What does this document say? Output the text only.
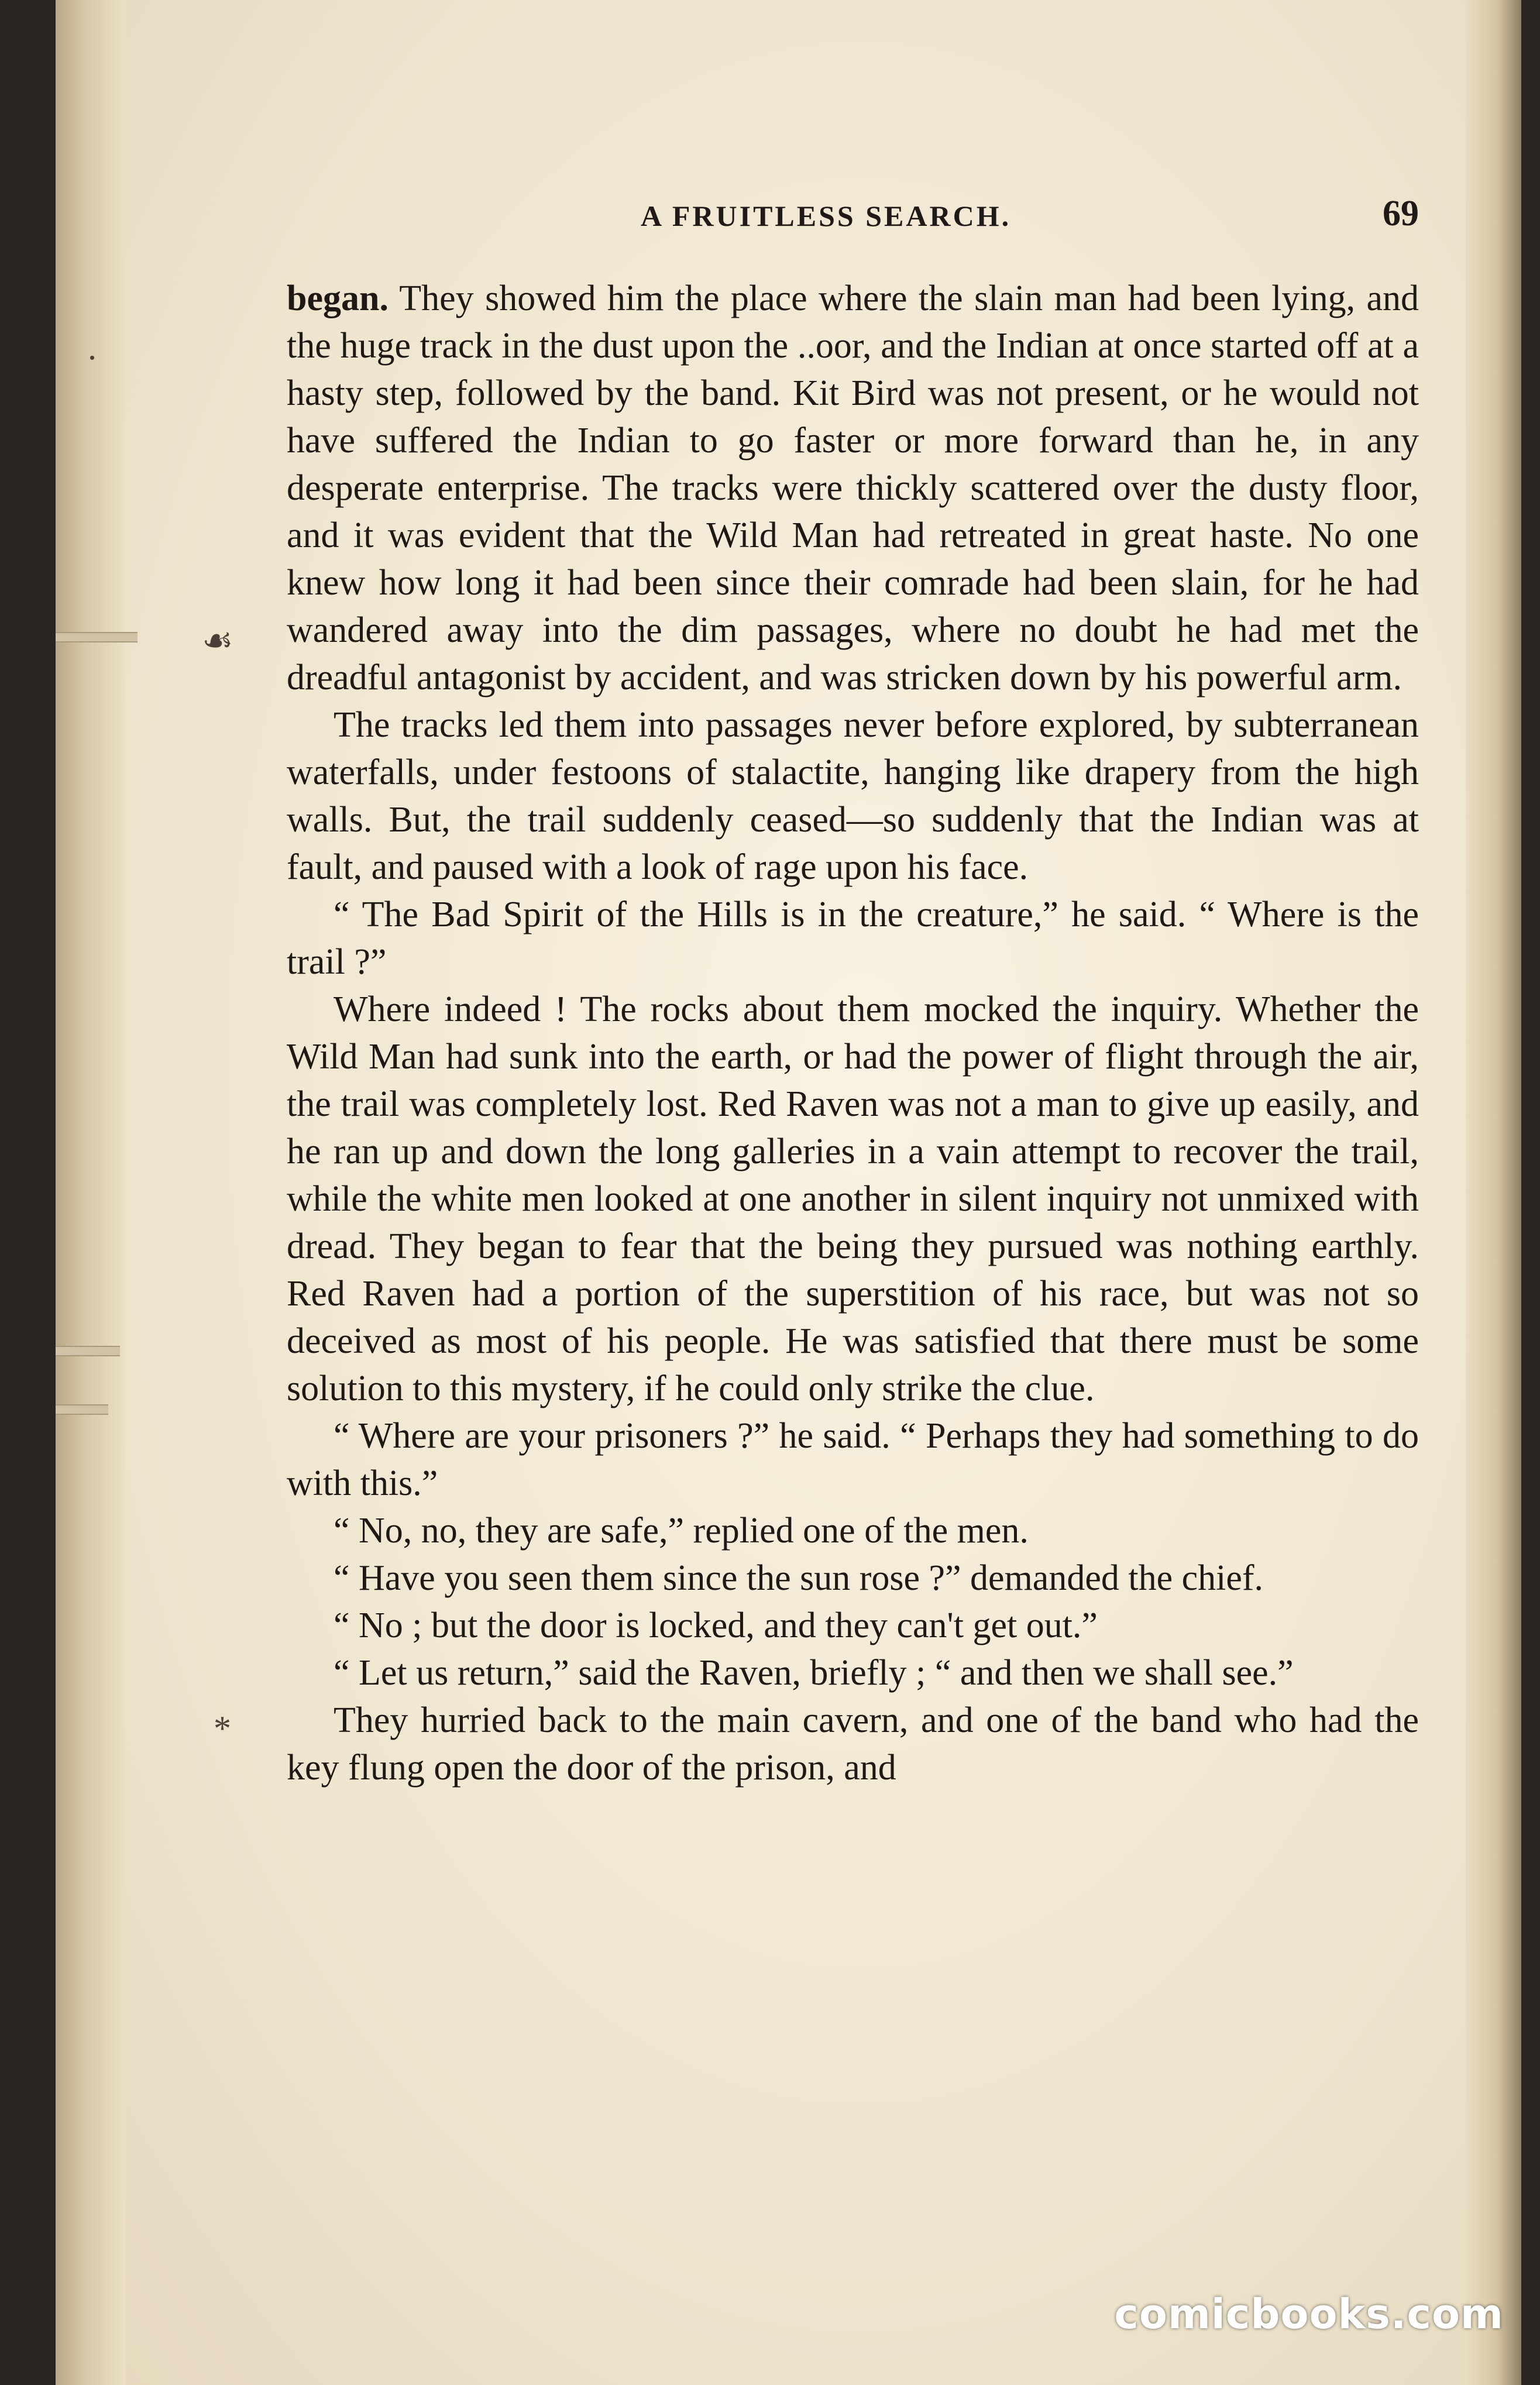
A FRUITLESS SEARCH.	69
.
☙
*

began. They showed him the place where the slain man had been lying, and the huge track in the dust upon the ..oor, and the Indian at once started off at a hasty step, followed by the band. Kit Bird was not present, or he would not have suffered the Indian to go faster or more forward than he, in any desperate enterprise. The tracks were thickly scattered over the dusty floor, and it was evident that the Wild Man had retreated in great haste. No one knew how long it had been since their comrade had been slain, for he had wandered away into the dim passages, where no doubt he had met the dreadful antagonist by accident, and was stricken down by his powerful arm.

The tracks led them into passages never before explored, by subterranean waterfalls, under festoons of stalactite, hanging like drapery from the high walls. But, the trail suddenly ceased—so suddenly that the Indian was at fault, and paused with a look of rage upon his face.

“ The Bad Spirit of the Hills is in the creature,” he said. “ Where is the trail ?”

Where indeed ! The rocks about them mocked the inquiry. Whether the Wild Man had sunk into the earth, or had the power of flight through the air, the trail was completely lost. Red Raven was not a man to give up easily, and he ran up and down the long galleries in a vain attempt to recover the trail, while the white men looked at one another in silent inquiry not unmixed with dread. They began to fear that the being they pursued was nothing earthly. Red Raven had a portion of the superstition of his race, but was not so deceived as most of his people. He was satisfied that there must be some solution to this mystery, if he could only strike the clue.

“ Where are your prisoners ?” he said. “ Perhaps they had something to do with this.”

“ No, no, they are safe,” replied one of the men.

“ Have you seen them since the sun rose ?” demanded the chief.

“ No ; but the door is locked, and they can't get out.”

“ Let us return,” said the Raven, briefly ; “ and then we shall see.”

They hurried back to the main cavern, and one of the band who had the key flung open the door of the prison, and

comicbooks.com
